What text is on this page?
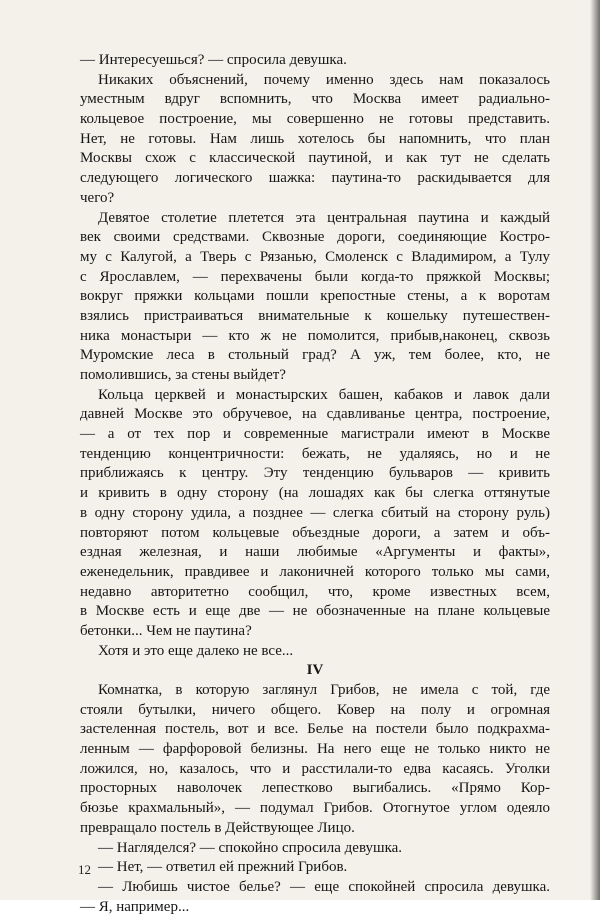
— Интересуешься? — спросила девушка.
Никаких объяснений, почему именно здесь нам показалось
уместным вдруг вспомнить, что Москва имеет радиально-
кольцевое построение, мы совершенно не готовы представить.
Нет, не готовы. Нам лишь хотелось бы напомнить, что план
Москвы схож с классической паутиной, и как тут не сделать
следующего логического шажка: паутина-то раскидывается для
чего?
Девятое столетие плетется эта центральная паутина и каждый
век своими средствами. Сквозные дороги, соединяющие Костро-
му с Калугой, а Тверь с Рязанью, Смоленск с Владимиром, а Тулу
с Ярославлем, — перехвачены были когда-то пряжкой Москвы;
вокруг пряжки кольцами пошли крепостные стены, а к воротам
взялись пристраиваться внимательные к кошельку путешествен-
ника монастыри — кто ж не помолится, прибыв,наконец, сквозь
Муромские леса в стольный град? А уж, тем более, кто, не
помолившись, за стены выйдет?
Кольца церквей и монастырских башен, кабаков и лавок дали
давней Москве это обручевое, на сдавливанье центра, построение,
— а от тех пор и современные магистрали имеют в Москве
тенденцию концентричности: бежать, не удаляясь, но и не
приближаясь к центру. Эту тенденцию бульваров — кривить
и кривить в одну сторону (на лошадях как бы слегка оттянутые
в одну сторону удила, а позднее — слегка сбитый на сторону руль)
повторяют потом кольцевые объездные дороги, а затем и объ-
ездная железная, и наши любимые «Аргументы и факты»,
еженедельник, правдивее и лаконичней которого только мы сами,
недавно авторитетно сообщил, что, кроме известных всем,
в Москве есть и еще две — не обозначенные на плане кольцевые
бетонки... Чем не паутина?
Хотя и это еще далеко не все...
IV
Комнатка, в которую заглянул Грибов, не имела с той, где
стояли бутылки, ничего общего. Ковер на полу и огромная
застеленная постель, вот и все. Белье на постели было подкрахма-
ленным — фарфоровой белизны. На него еще не только никто не
ложился, но, казалось, что и расстилали-то едва касаясь. Уголки
просторных наволочек лепестково выгибались. «Прямо Кор-
бюзье крахмальный», — подумал Грибов. Отогнутое углом одеяло
превращало постель в Действующее Лицо.
— Нагляделся? — спокойно спросила девушка.
— Нет, — ответил ей прежний Грибов.
— Любишь чистое белье? — еще спокойней спросила девушка.
— Я, например...
12
